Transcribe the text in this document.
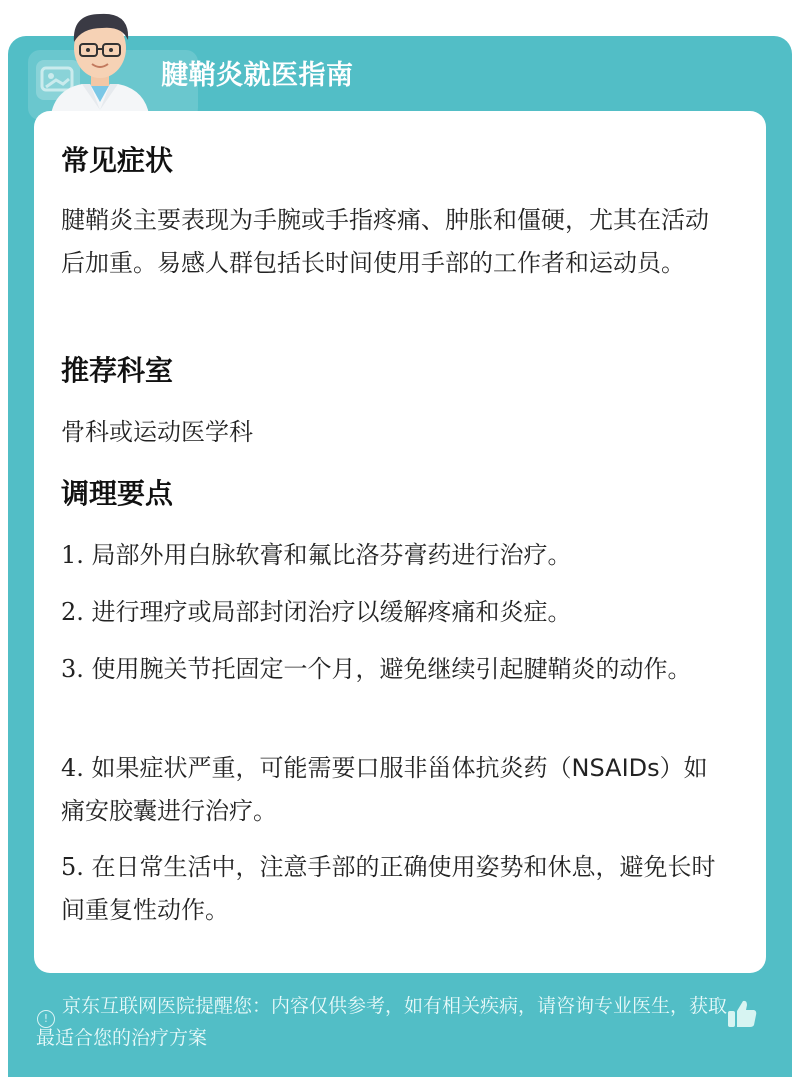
腱鞘炎就医指南
常见症状
腱鞘炎主要表现为手腕或手指疼痛、肿胀和僵硬，尤其在活动后加重。易感人群包括长时间使用手部的工作者和运动员。
推荐科室
骨科或运动医学科
调理要点
1. 局部外用白脉软膏和氟比洛芬膏药进行治疗。
2. 进行理疗或局部封闭治疗以缓解疼痛和炎症。
3. 使用腕关节托固定一个月，避免继续引起腱鞘炎的动作。
4. 如果症状严重，可能需要口服非甾体抗炎药（NSAIDs）如痛安胶囊进行治疗。
5. 在日常生活中，注意手部的正确使用姿势和休息，避免长时间重复性动作。
!
京东互联网医院提醒您：内容仅供参考，如有相关疾病，请咨询专业医生，获取最适合您的治疗方案
